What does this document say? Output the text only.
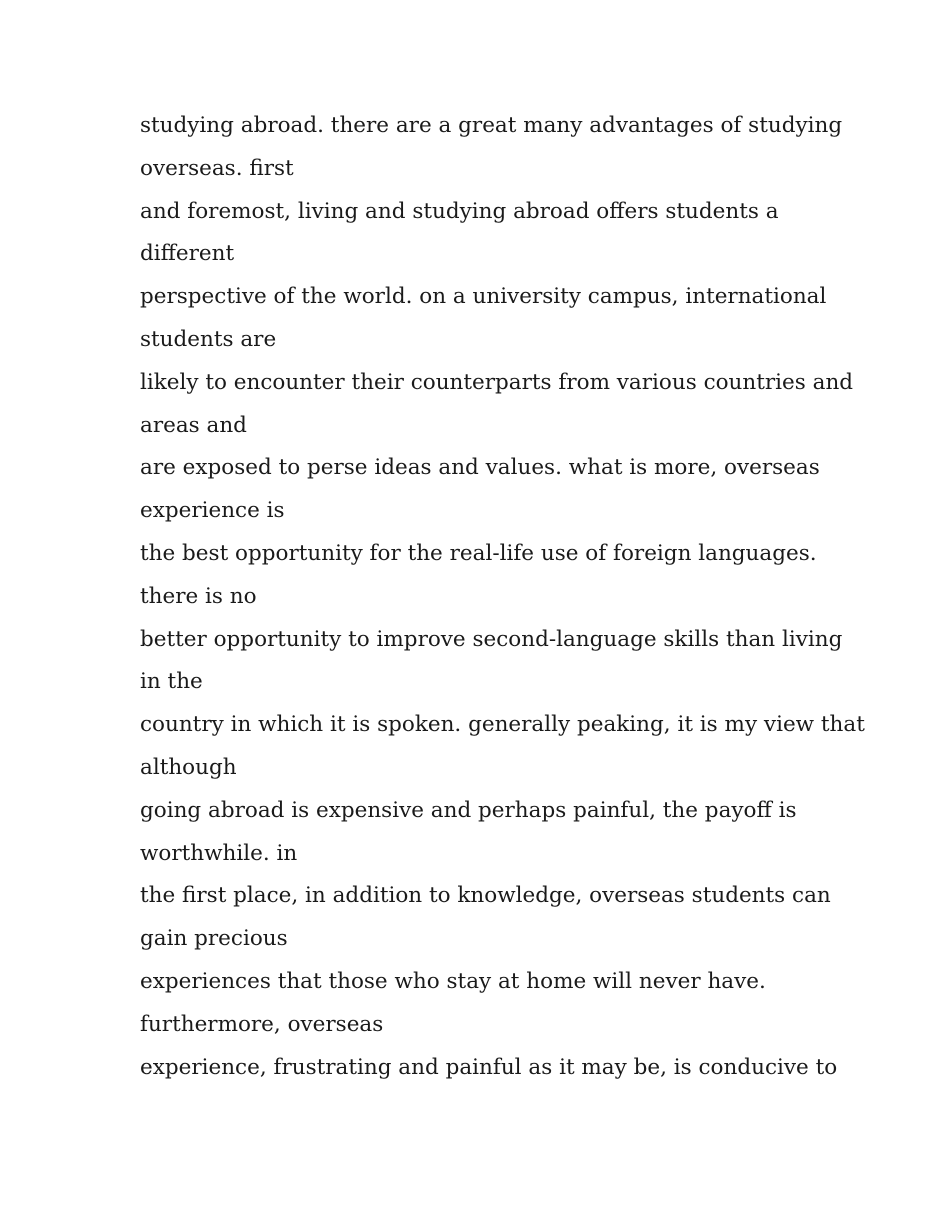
studying abroad. there are a great many advantages of studying
overseas. first
and foremost, living and studying abroad offers students a
different
perspective of the world. on a university campus, international
students are
likely to encounter their counterparts from various countries and
areas and
are exposed to perse ideas and values. what is more, overseas
experience is
the best opportunity for the real-life use of foreign languages.
there is no
better opportunity to improve second-language skills than living
in the
country in which it is spoken. generally peaking, it is my view that
although
going abroad is expensive and perhaps painful, the payoff is
worthwhile. in
the first place, in addition to knowledge, overseas students can
gain precious
experiences that those who stay at home will never have.
furthermore, overseas
experience, frustrating and painful as it may be, is conducive to
